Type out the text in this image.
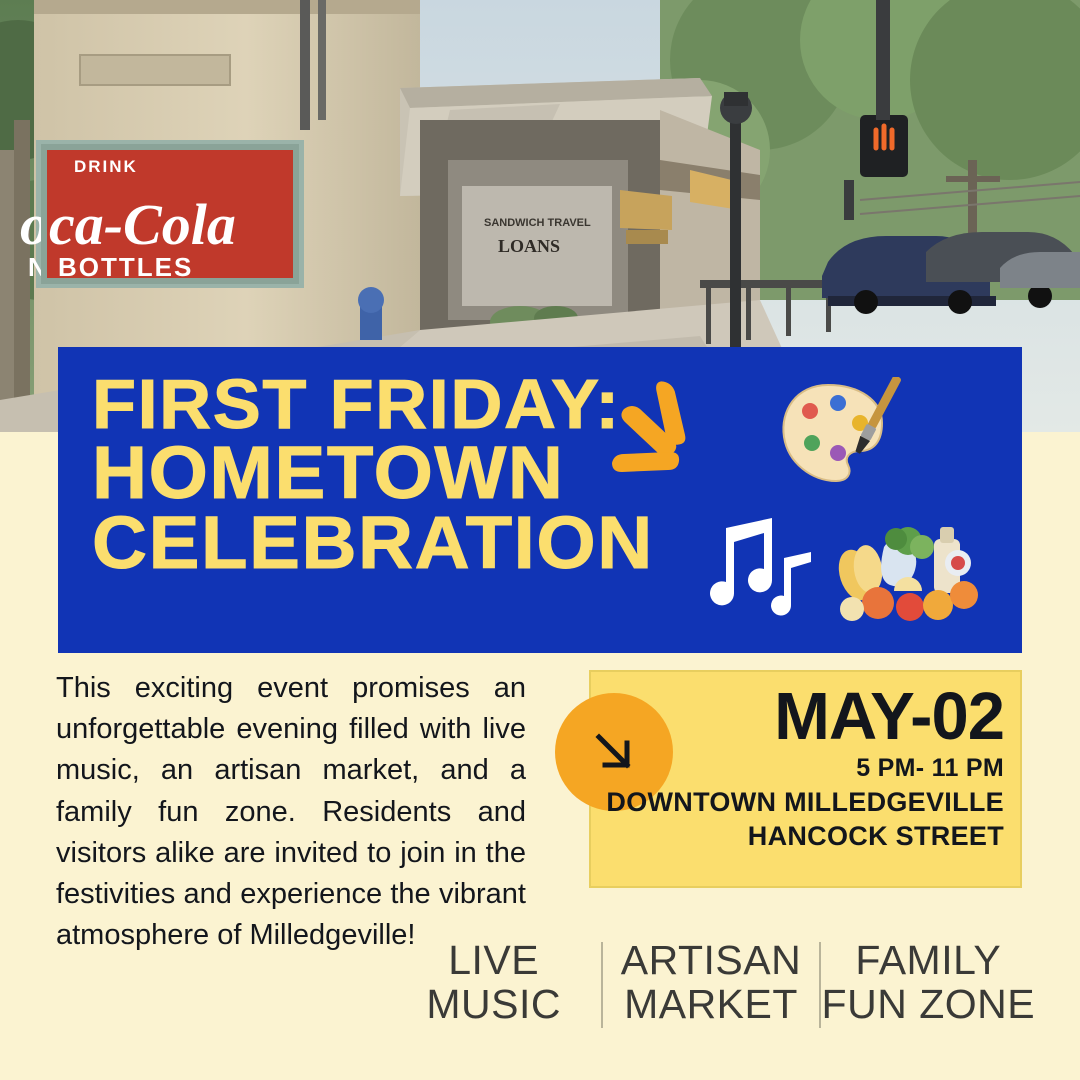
DRINK
oca-Cola
N BOTTLES
SANDWICH TRAVEL
LOANS
FIRST FRIDAY:
HOMETOWN
CELEBRATION

This exciting event promises an unforgettable evening filled with live music, an artisan market, and a family fun zone. Residents and visitors alike are invited to join in the festivities and experience the vibrant atmosphere of Milledgeville!

MAY-02
5 PM- 11 PM
DOWNTOWN MILLEDGEVILLE
HANCOCK STREET
LIVE
MUSIC
ARTISAN
MARKET
FAMILY
FUN ZONE
